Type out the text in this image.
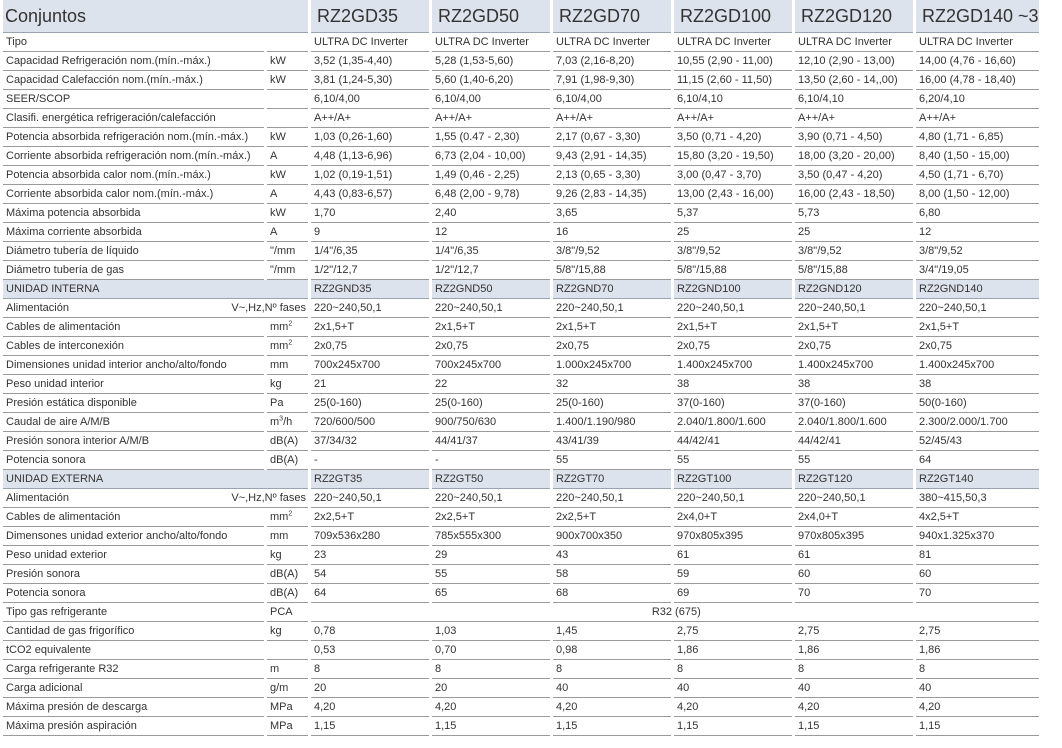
Conjuntos		RZ2GD35	RZ2GD50	RZ2GD70	RZ2GD100	RZ2GD120	RZ2GD140 ~3
Tipo		ULTRA DC Inverter	ULTRA DC Inverter	ULTRA DC Inverter	ULTRA DC Inverter	ULTRA DC Inverter	ULTRA DC Inverter
Capacidad Refrigeración nom.(mín.-máx.)	kW	3,52 (1,35-4,40)	5,28 (1,53-5,60)	7,03 (2,16-8,20)	10,55 (2,90 - 11,00)	12,10 (2,90 - 13,00)	14,00 (4,76 - 16,60)
Capacidad Calefacción nom.(mín.-máx.)	kW	3,81 (1,24-5,30)	5,60 (1,40-6,20)	7,91 (1,98-9,30)	11,15 (2,60 - 11,50)	13,50 (2,60 - 14,,00)	16,00 (4,78 - 18,40)
SEER/SCOP		6,10/4,00	6,10/4,00	6,10/4,00	6,10/4,10	6,10/4,10	6,20/4,10
Clasifi. energética refrigeración/calefacción		A++/A+	A++/A+	A++/A+	A++/A+	A++/A+	A++/A+
Potencia absorbida refrigeración nom.(mín.-máx.)	kW	1,03 (0,26-1,60)	1,55 (0.47 - 2,30)	2,17 (0,67 - 3,30)	3,50 (0,71 - 4,20)	3,90 (0,71 - 4,50)	4,80 (1,71 - 6,85)
Corriente absorbida refrigeración nom.(mín.-máx.)	A	4,48 (1,13-6,96)	6,73 (2,04 - 10,00)	9,43 (2,91 - 14,35)	15,80 (3,20 - 19,50)	18,00 (3,20 - 20,00)	8,40 (1,50 - 15,00)
Potencia absorbida calor nom.(mín.-máx.)	kW	1,02 (0,19-1,51)	1,49 (0,46 - 2,25)	2,13 (0,65 - 3,30)	3,00 (0,47 - 3,70)	3,50 (0,47 - 4,20)	4,50 (1,71 - 6,70)
Corriente absorbida calor nom.(mín.-máx.)	A	4,43 (0,83-6,57)	6,48 (2,00 - 9,78)	9,26 (2,83 - 14,35)	13,00 (2,43 - 16,00)	16,00 (2,43 - 18,50)	8,00 (1,50 - 12,00)
Máxima potencia absorbida	kW	1,70	2,40	3,65	5,37	5,73	6,80
Máxima corriente absorbida	A	9	12	16	25	25	12
Diámetro tubería de líquido	"/mm	1/4"/6,35	1/4"/6,35	3/8"/9,52	3/8"/9,52	3/8"/9,52	3/8"/9,52
Diámetro tubería de gas	"/mm	1/2"/12,7	1/2"/12,7	5/8"/15,88	5/8"/15,88	5/8"/15,88	3/4"/19,05
UNIDAD INTERNA		RZ2GND35	RZ2GND50	RZ2GND70	RZ2GND100	RZ2GND120	RZ2GND140
Alimentación V~,Hz,Nº fases		220~240,50,1	220~240,50,1	220~240,50,1	220~240,50,1	220~240,50,1	220~240,50,1
Cables de alimentación	$mm^2$	2x1,5+T	2x1,5+T	2x1,5+T	2x1,5+T	2x1,5+T	2x1,5+T
Cables de interconexión	$mm^2$	2x0,75	2x0,75	2x0,75	2x0,75	2x0,75	2x0,75
Dimensiones unidad interior ancho/alto/fondo	mm	700x245x700	700x245x700	1.000x245x700	1.400x245x700	1.400x245x700	1.400x245x700
Peso unidad interior	kg	21	22	32	38	38	38
Presión estática disponible	Pa	25(0-160)	25(0-160)	25(0-160)	37(0-160)	37(0-160)	50(0-160)
Caudal de aire A/M/B	$m^3/h$	720/600/500	900/750/630	1.400/1.190/980	2.040/1.800/1.600	2.040/1.800/1.600	2.300/2.000/1.700
Presión sonora interior A/M/B	dB(A)	37/34/32	44/41/37	43/41/39	44/42/41	44/42/41	52/45/43
Potencia sonora	dB(A)	-	-	55	55	55	64
UNIDAD EXTERNA		RZ2GT35	RZ2GT50	RZ2GT70	RZ2GT100	RZ2GT120	RZ2GT140
Alimentación V~,Hz,Nº fases		220~240,50,1	220~240,50,1	220~240,50,1	220~240,50,1	220~240,50,1	380~415,50,3
Cables de alimentación	$mm^2$	2x2,5+T	2x2,5+T	2x2,5+T	2x4,0+T	2x4,0+T	4x2,5+T
Dimensones unidad exterior ancho/alto/fondo	mm	709x536x280	785x555x300	900x700x350	970x805x395	970x805x395	940x1.325x370
Peso unidad exterior	kg	23	29	43	61	61	81
Presión sonora	dB(A)	54	55	58	59	60	60
Potencia sonora	dB(A)	64	65	68	69	70	70
Tipo gas refrigerante	PCA	R32 (675)					
Cantidad de gas frigorífico	kg	0,78	1,03	1,45	2,75	2,75	2,75
tCO2 equivalente		0,53	0,70	0,98	1,86	1,86	1,86
Carga refrigerante R32	m	8	8	8	8	8	8
Carga adicional	g/m	20	20	40	40	40	40
Máxima presión de descarga	MPa	4,20	4,20	4,20	4,20	4,20	4,20
Máxima presión aspiración	MPa	1,15	1,15	1,15	1,15	1,15	1,15
